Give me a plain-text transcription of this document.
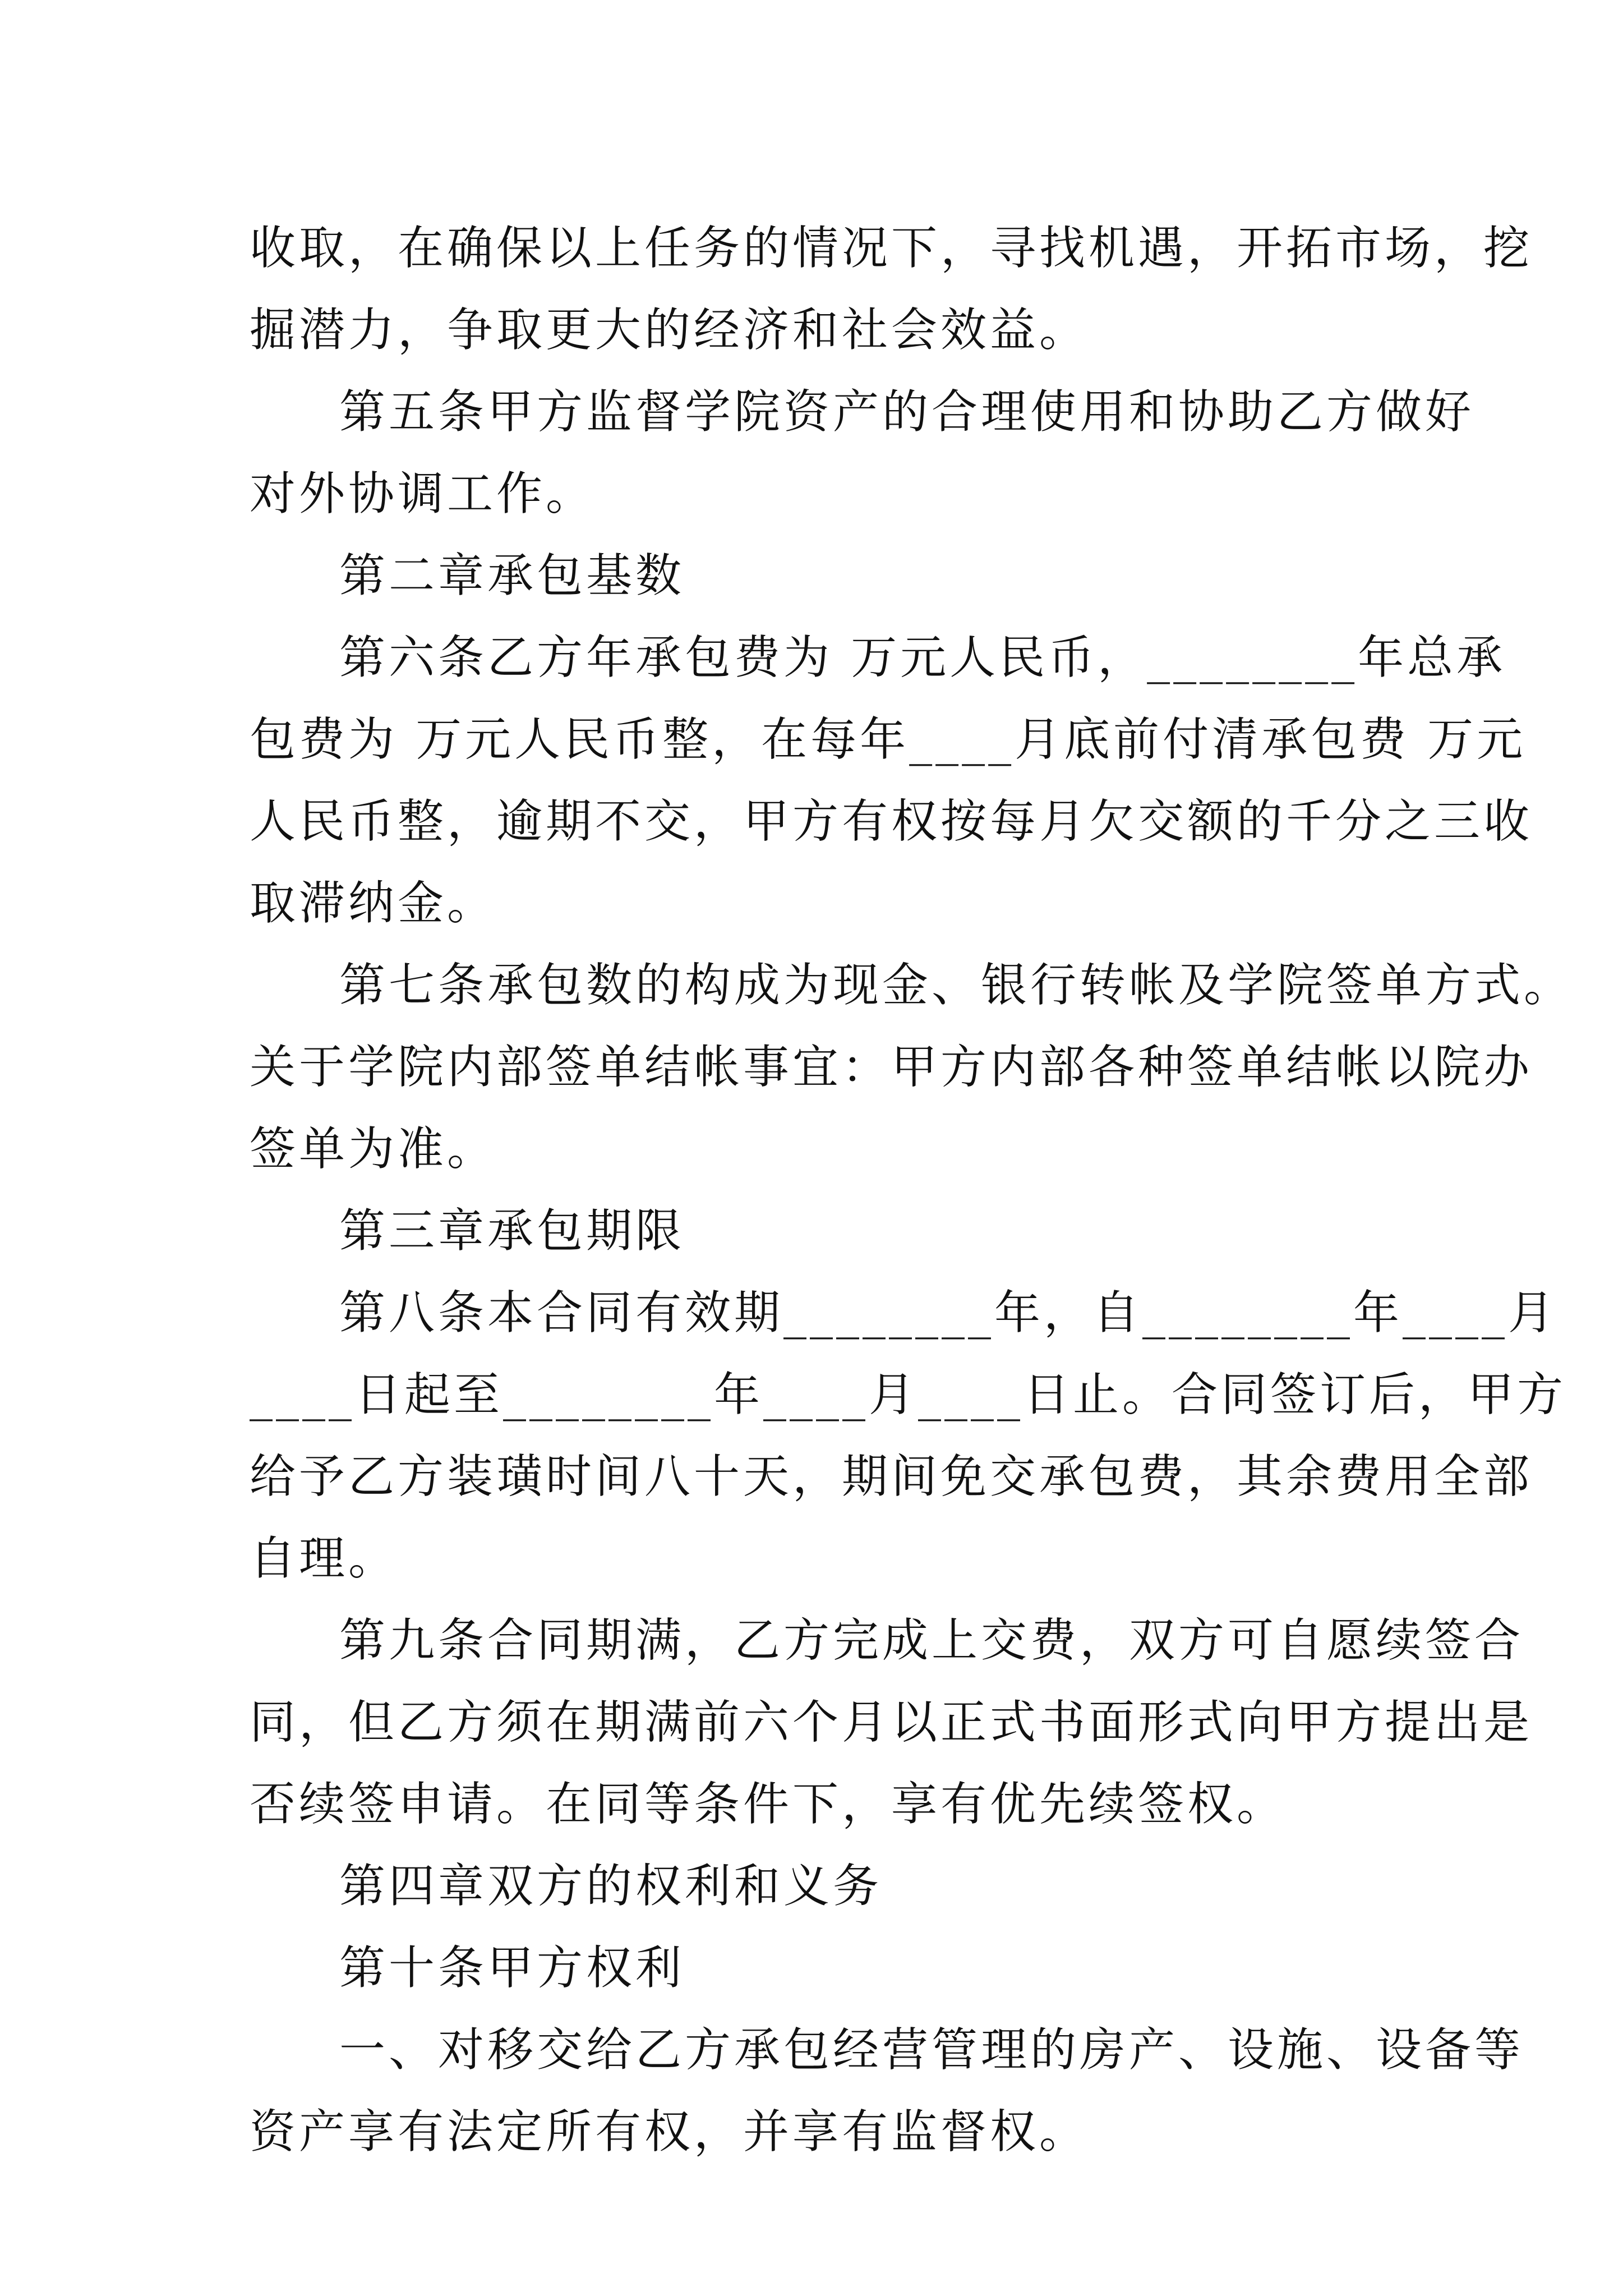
收取，在确保以上任务的情况下，寻找机遇，开拓市场，挖
掘潜力，争取更大的经济和社会效益。
第五条甲方监督学院资产的合理使用和协助乙方做好
对外协调工作。
第二章承包基数
第六条乙方年承包费为 万元人民币，________年总承
包费为 万元人民币整，在每年____月底前付清承包费 万元
人民币整，逾期不交，甲方有权按每月欠交额的千分之三收
取滞纳金。
第七条承包数的构成为现金、银行转帐及学院签单方式。
关于学院内部签单结帐事宜：甲方内部各种签单结帐以院办
签单为准。
第三章承包期限
第八条本合同有效期________年，自________年____月
____日起至________年____月____日止。合同签订后，甲方
给予乙方装璜时间八十天，期间免交承包费，其余费用全部
自理。
第九条合同期满，乙方完成上交费，双方可自愿续签合
同，但乙方须在期满前六个月以正式书面形式向甲方提出是
否续签申请。在同等条件下，享有优先续签权。
第四章双方的权利和义务
第十条甲方权利
一、对移交给乙方承包经营管理的房产、设施、设备等
资产享有法定所有权，并享有监督权。
